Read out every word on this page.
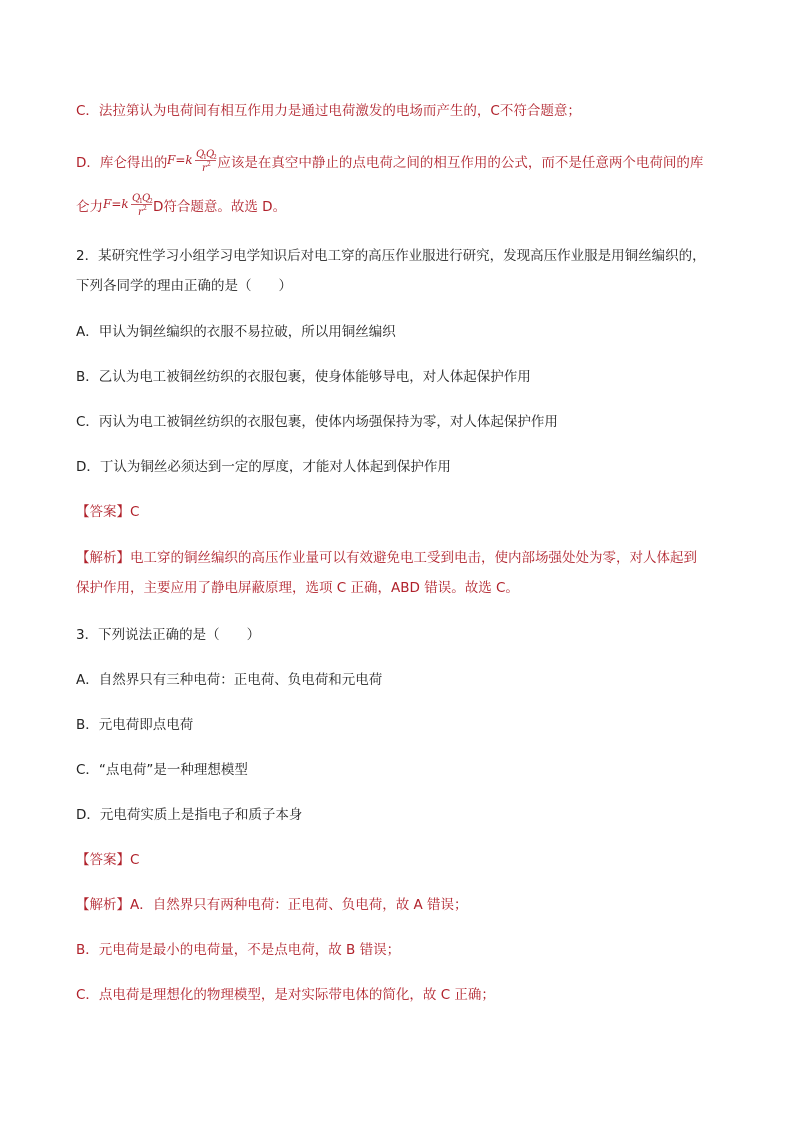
C．法拉第认为电荷间有相互作用力是通过电荷激发的电场而产生的，C不符合题意；
D．库仑得出的 F=k Q
1 Q
2
r 2 应该是在真空中静止的点电荷之间的相互作用的公式，而不是任意两个电荷间的库
仑力 F=k Q
1 Q
2
r 2 D符合题意。故选 D。
2．某研究性学习小组学习电学知识后对电工穿的高压作业服进行研究，发现高压作业服是用铜丝编织的，
下列各同学的理由正确的是（　　）
A．甲认为铜丝编织的衣服不易拉破，所以用铜丝编织
B．乙认为电工被铜丝纺织的衣服包裹，使身体能够导电，对人体起保护作用
C．丙认为电工被铜丝纺织的衣服包裹，使体内场强保持为零，对人体起保护作用
D．丁认为铜丝必须达到一定的厚度，才能对人体起到保护作用
【答案】C
【解析】电工穿的铜丝编织的高压作业量可以有效避免电工受到电击，使内部场强处处为零，对人体起到
保护作用，主要应用了静电屏蔽原理，选项 C 正确，ABD 错误。故选 C。
3．下列说法正确的是（　　）
A．自然界只有三种电荷：正电荷、负电荷和元电荷
B．元电荷即点电荷
C．“点电荷”是一种理想模型
D．元电荷实质上是指电子和质子本身
【答案】C
【解析】A．自然界只有两种电荷：正电荷、负电荷，故 A 错误；
B．元电荷是最小的电荷量，不是点电荷，故 B 错误；
C．点电荷是理想化的物理模型，是对实际带电体的简化，故 C 正确；
